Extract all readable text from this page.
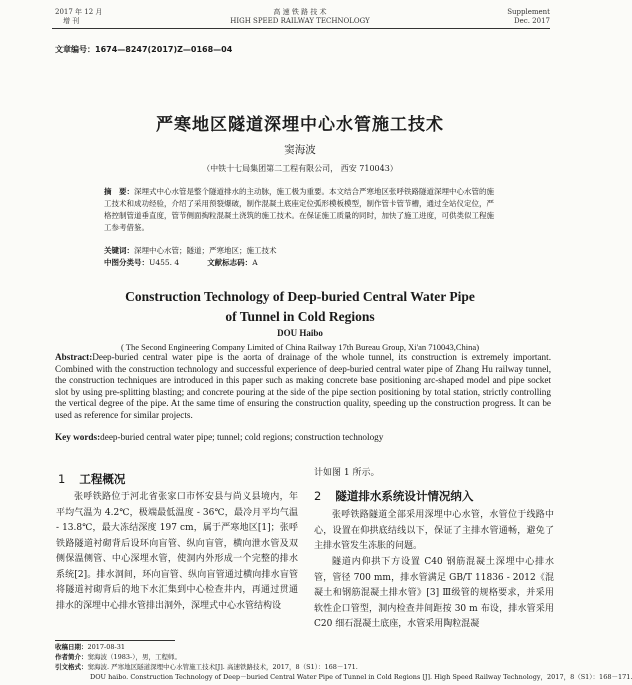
2017 年 12 月
增 刊
高 速 铁 路 技 术
HIGH SPEED RAILWAY TECHNOLOGY
Supplement
Dec. 2017
文章编号：1674—8247(2017)Z—0168—04
严寒地区隧道深埋中心水管施工技术
窦海波
（中铁十七局集团第二工程有限公司， 西安 710043）

摘　要：深埋式中心水管是整个隧道排水的主动脉，施工极为重要。本文结合严寒地区张呼铁路隧道深埋中心水管的施工技术和成功经验，介绍了采用预裂爆破，制作混凝土底座定位弧形模板模型，制作管卡管节槽，通过全站仪定位，严格控制管道垂直度，管节侧面掏粒混凝土浇筑的施工技术。在保证施工质量的同时，加快了施工进度，可供类似工程施工参考借鉴。

关键词：深埋中心水管；隧道；严寒地区；施工技术
中图分类号：U455. 4	文献标志码：A
Construction Technology of Deep-buried Central Water Pipe
of Tunnel in Cold Regions
DOU Haibo
( The Second Engineering Company Limited of China Railway 17th Bureau Group, Xi'an 710043,China)

Abstract:Deep-buried central water pipe is the aorta of drainage of the whole tunnel, its construction is extremely important. Combined with the construction technology and successful experience of deep-buried central water pipe of Zhang Hu railway tunnel, the construction techniques are introduced in this paper such as making concrete base positioning arc-shaped model and pipe socket slot by using pre-splitting blasting; and concrete pouring at the side of the pipe section positioning by total station, strictly controlling the vertical degree of the pipe. At the same time of ensuring the construction quality, speeding up the construction progress. It can be used as reference for similar projects.

Key words:deep-buried central water pipe; tunnel; cold regions; construction technology
1 工程概况

张呼铁路位于河北省张家口市怀安县与尚义县境内，年平均气温为 4.2℃，极端最低温度 - 36℃，最冷月平均气温 - 13.8℃，最大冻结深度 197 cm，属于严寒地区[1]；张呼铁路隧道衬砌背后设环向盲管、纵向盲管，横向泄水管及双侧保温侧管、中心深埋水管，使洞内外形成一个完整的排水系统[2]。排水洞间，环向盲管、纵向盲管通过横向排水盲管将隧道衬砌背后的地下水汇集到中心检查井内，再通过贯通排水的深埋中心排水管排出洞外，深埋式中心水管结构设

计如图 1 所示。
2 隧道排水系统设计情况纳入

张呼铁路隧道全部采用深埋中心水管，水管位于线路中心，设置在仰拱底结线以下，保证了主排水管通畅，避免了主排水管发生冻胀的问题。

隧道内仰拱下方设置 C40 钢筋混凝土深埋中心排水管，管径 700 mm，排水管满足 GB/T 11836 - 2012《混凝土和钢筋混凝土排水管》[3] Ⅲ级管的规格要求，并采用软性企口管型，洞内检查井间距按 30 m 布设，排水管采用 C20 细石混凝土底座，水管采用陶粒混凝

收稿日期：2017-08-31
作者简介：窦海波（1983-），男，工程师。
引文格式：窦海波. 严寒地区隧道深埋中心水管施工技术[J]. 高速铁路技术，2017，8（S1）：168－171.
DOU haibo. Construction Technology of Deep－buried Central Water Pipe of Tunnel in Cold Regions [J]. High Speed Railway Technology，2017，8（S1）：168－171.
